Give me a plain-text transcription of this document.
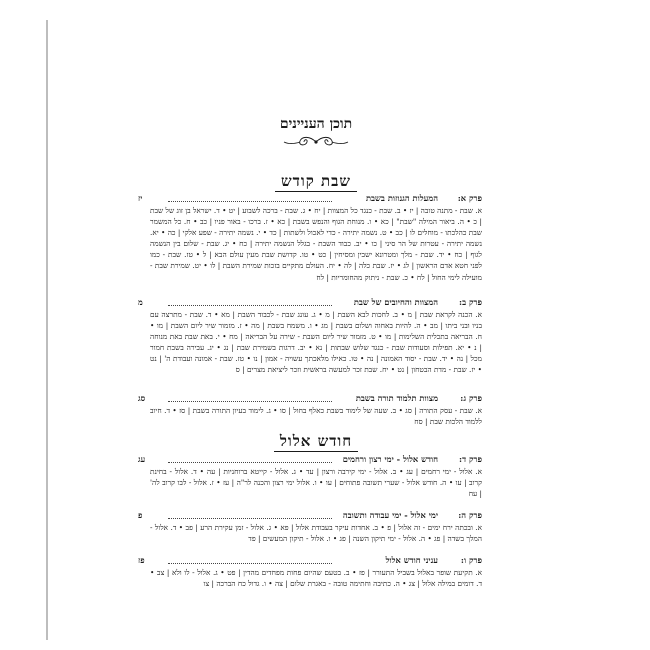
תוכן העניינים
שבת קודש
פרק א:
המעלות הגנוזות בשבת
יז
א. שבת - מתנה טובה | יז • ב. שבת - כנגד כל המצוות | יח • ג. שבת - ברכה לשבוע | יט • ד. ישראל בן זוג של שבת | כ • ה. ביאור המילה "שבת" | כא • ו. מנוחת הגוף והנפש בשבת | כא • ז. ברכו - באור פניו | כב • ח. כל המשמר שבת כהלכתו - מוחלים לו | כב • ט. נשמה יתירה - כדי לאכול ולשתות | כד • י. נשמה יתירה - שפע אלקי | כה • יא. נשמה יתירה - עטרות של הר סיני | כו • יב. כבוד השבת - בגלל הנשמה יתירה | כח • יג. שבת - שלום בין הנשמה לגוף | כח • יד. שבת - מלך ומטרונא ישבין ומסיחין | כט • טו. קדושת שבת מעין עולם הבא | ל • טז. שבת - כמו לפני חטא אדם הראשון | לג • יז. שבת כלה | לה • יח. העולם מתקיים בזכות שמירת השבת | לו • יט. שמירת שבת - מועילה לימי החול | לח • כ. שבת - ניתוק מהחומריות | לח
פרק ב:
המצוות והחיובים של שבת
מ
א. הכנה לקראת שבת | מ • ב. לחכות לבא השבת | מ • ג. עונג שבת - לכבוד השבת | מא • ד. שבת - מתרצה עם בניו ובני ביתו | מב • ה. להיות באחוה ושלום בשבת | מג • ו. משמח בשבת | מה • ז. מזמור שיר ליום השבת | מו • ח. הבריאה בתכלית השלימות | מו • ט. מזמור שיר ליום השבת - שירה על הבריאה | מח • י. באת שבת באת מנוחה | נ • יא. תפילות וסעודות שבת - כנגד שלוש שבתות | נא • יב. דרגות בשמירת שבת | נג • יג. עבירה בשבת חמור מכל | נה • יד. שבת - יסוד האמונה | נה • טו. כאילו מלאכתך עשויה - אמון | נו • טז. שבת - אמונה ועבודת ה' | נט • יז. שבת - מדת הבטחון | נט • יח. שבת זכר למעשה בראשית וזכר ליציאת מצרים | ס
פרק ג:
מצוות תלמוד תורה בשבת
סג
א. שבת - עסק התורה | סג • ב. שעה של לימוד בשבת כאלף בחול | סו • ג. לימוד בעיון התורה בשבת | סז • ד. חיוב ללמוד הלכות שבת | סח
חודש אלול
פרק ד:
חודש אלול - ימי רצון ורחמים
עג
א. אלול - ימי רחמים | עג • ב. אלול - ימי קירבה ורצון | עד • ג. אלול - קייטא ברוחניות | עה • ד. אלול - בחינת קרוב | עו • ה. חודש אלול - שערי תשובה פתוחים | עו • ו. אלול ימי רצון והכנה לר"ה | עז • ז. אלול - לבו קרוב לה' | עח
פרק ה:
ימי אלול - ימי עבודה ותשובה
פ
א. ובכתה ירח ימים - זה אלול | פ • ב. אחדות עיקר בעבודת אלול | פא • ג. אלול - זמן עקירת הרע | פב • ד. אלול - המלך בשדה | פג • ה. אלול - ימי תיקון השנה | פג • ו. אלול - תיקון המעשים | פד
פרק ו:
עניני חודש אלול
פז
א. תקיעת שופר באלול בשביל התעורר | פז • ב. בטעם שהיום פחות מפחדים מהדין | פט • ג. אלול - לו ולא | צב • ד. דומים במילה אלול | צג • ה. כתיבה וחתימה טובה - באגרת שלום | צה • ו. גדול כח הברכה | צו
